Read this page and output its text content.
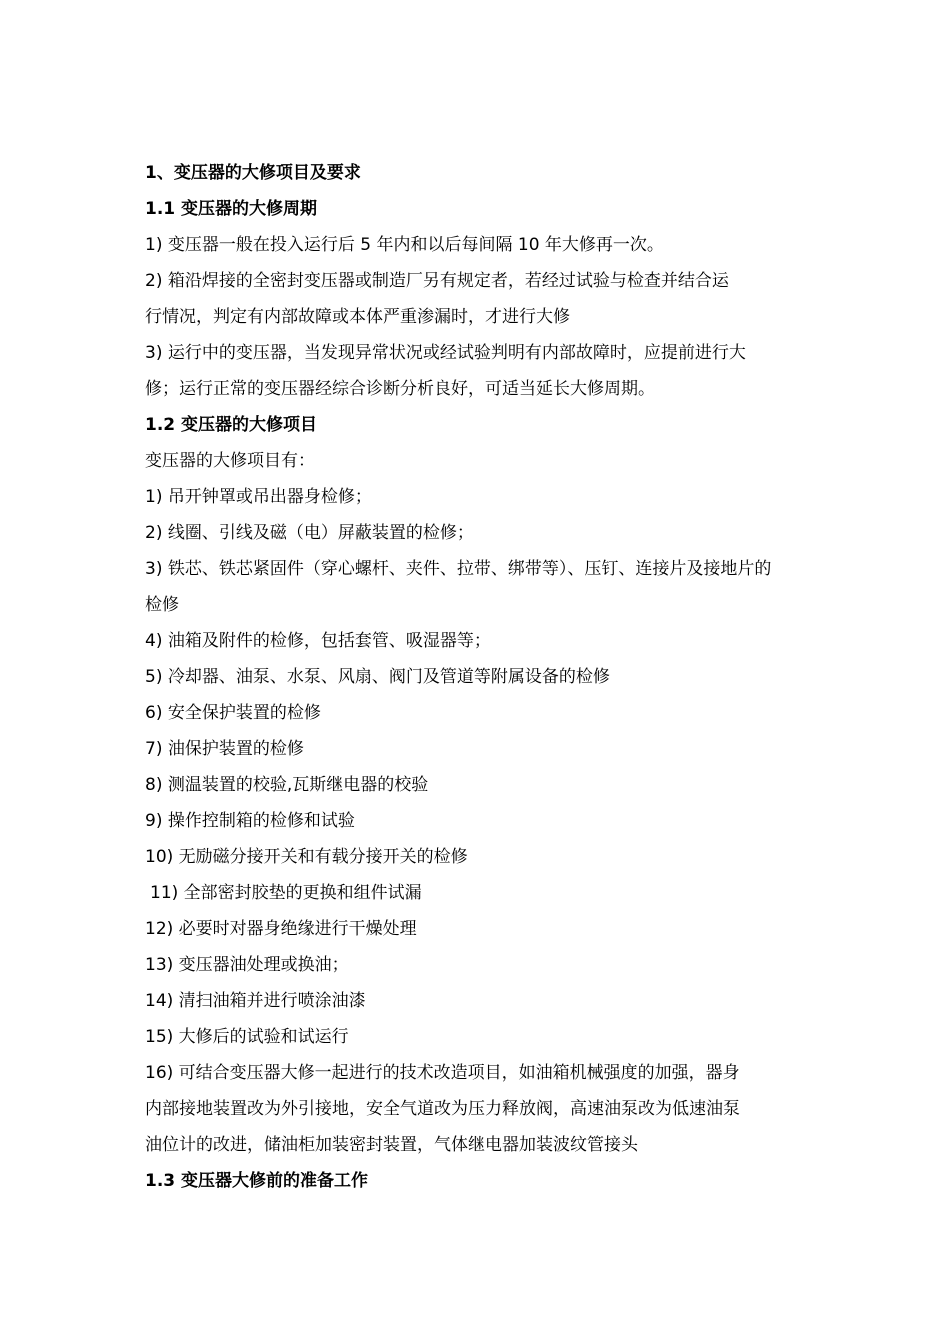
1、变压器的大修项目及要求
1.1 变压器的大修周期
1) 变压器一般在投入运行后 5 年内和以后每间隔 10 年大修再一次。
2) 箱沿焊接的全密封变压器或制造厂另有规定者，若经过试验与检查并结合运
行情况，判定有内部故障或本体严重渗漏时，才进行大修
3) 运行中的变压器，当发现异常状况或经试验判明有内部故障时，应提前进行大
修；运行正常的变压器经综合诊断分析良好，可适当延长大修周期。
1.2 变压器的大修项目
变压器的大修项目有：
1) 吊开钟罩或吊出器身检修；
2) 线圈、引线及磁（电）屏蔽装置的检修；
3) 铁芯、铁芯紧固件（穿心螺杆、夹件、拉带、绑带等）、压钉、连接片及接地片的
检修
4) 油箱及附件的检修，包括套管、吸湿器等；
5) 冷却器、油泵、水泵、风扇、阀门及管道等附属设备的检修
6) 安全保护装置的检修
7) 油保护装置的检修
8) 测温装置的校验,瓦斯继电器的校验
9) 操作控制箱的检修和试验
10) 无励磁分接开关和有载分接开关的检修
11) 全部密封胶垫的更换和组件试漏
12) 必要时对器身绝缘进行干燥处理
13) 变压器油处理或换油；
14) 清扫油箱并进行喷涂油漆
15) 大修后的试验和试运行
16) 可结合变压器大修一起进行的技术改造项目，如油箱机械强度的加强，器身
内部接地装置改为外引接地，安全气道改为压力释放阀，高速油泵改为低速油泵
油位计的改进，储油柜加装密封装置，气体继电器加装波纹管接头
1.3 变压器大修前的准备工作
